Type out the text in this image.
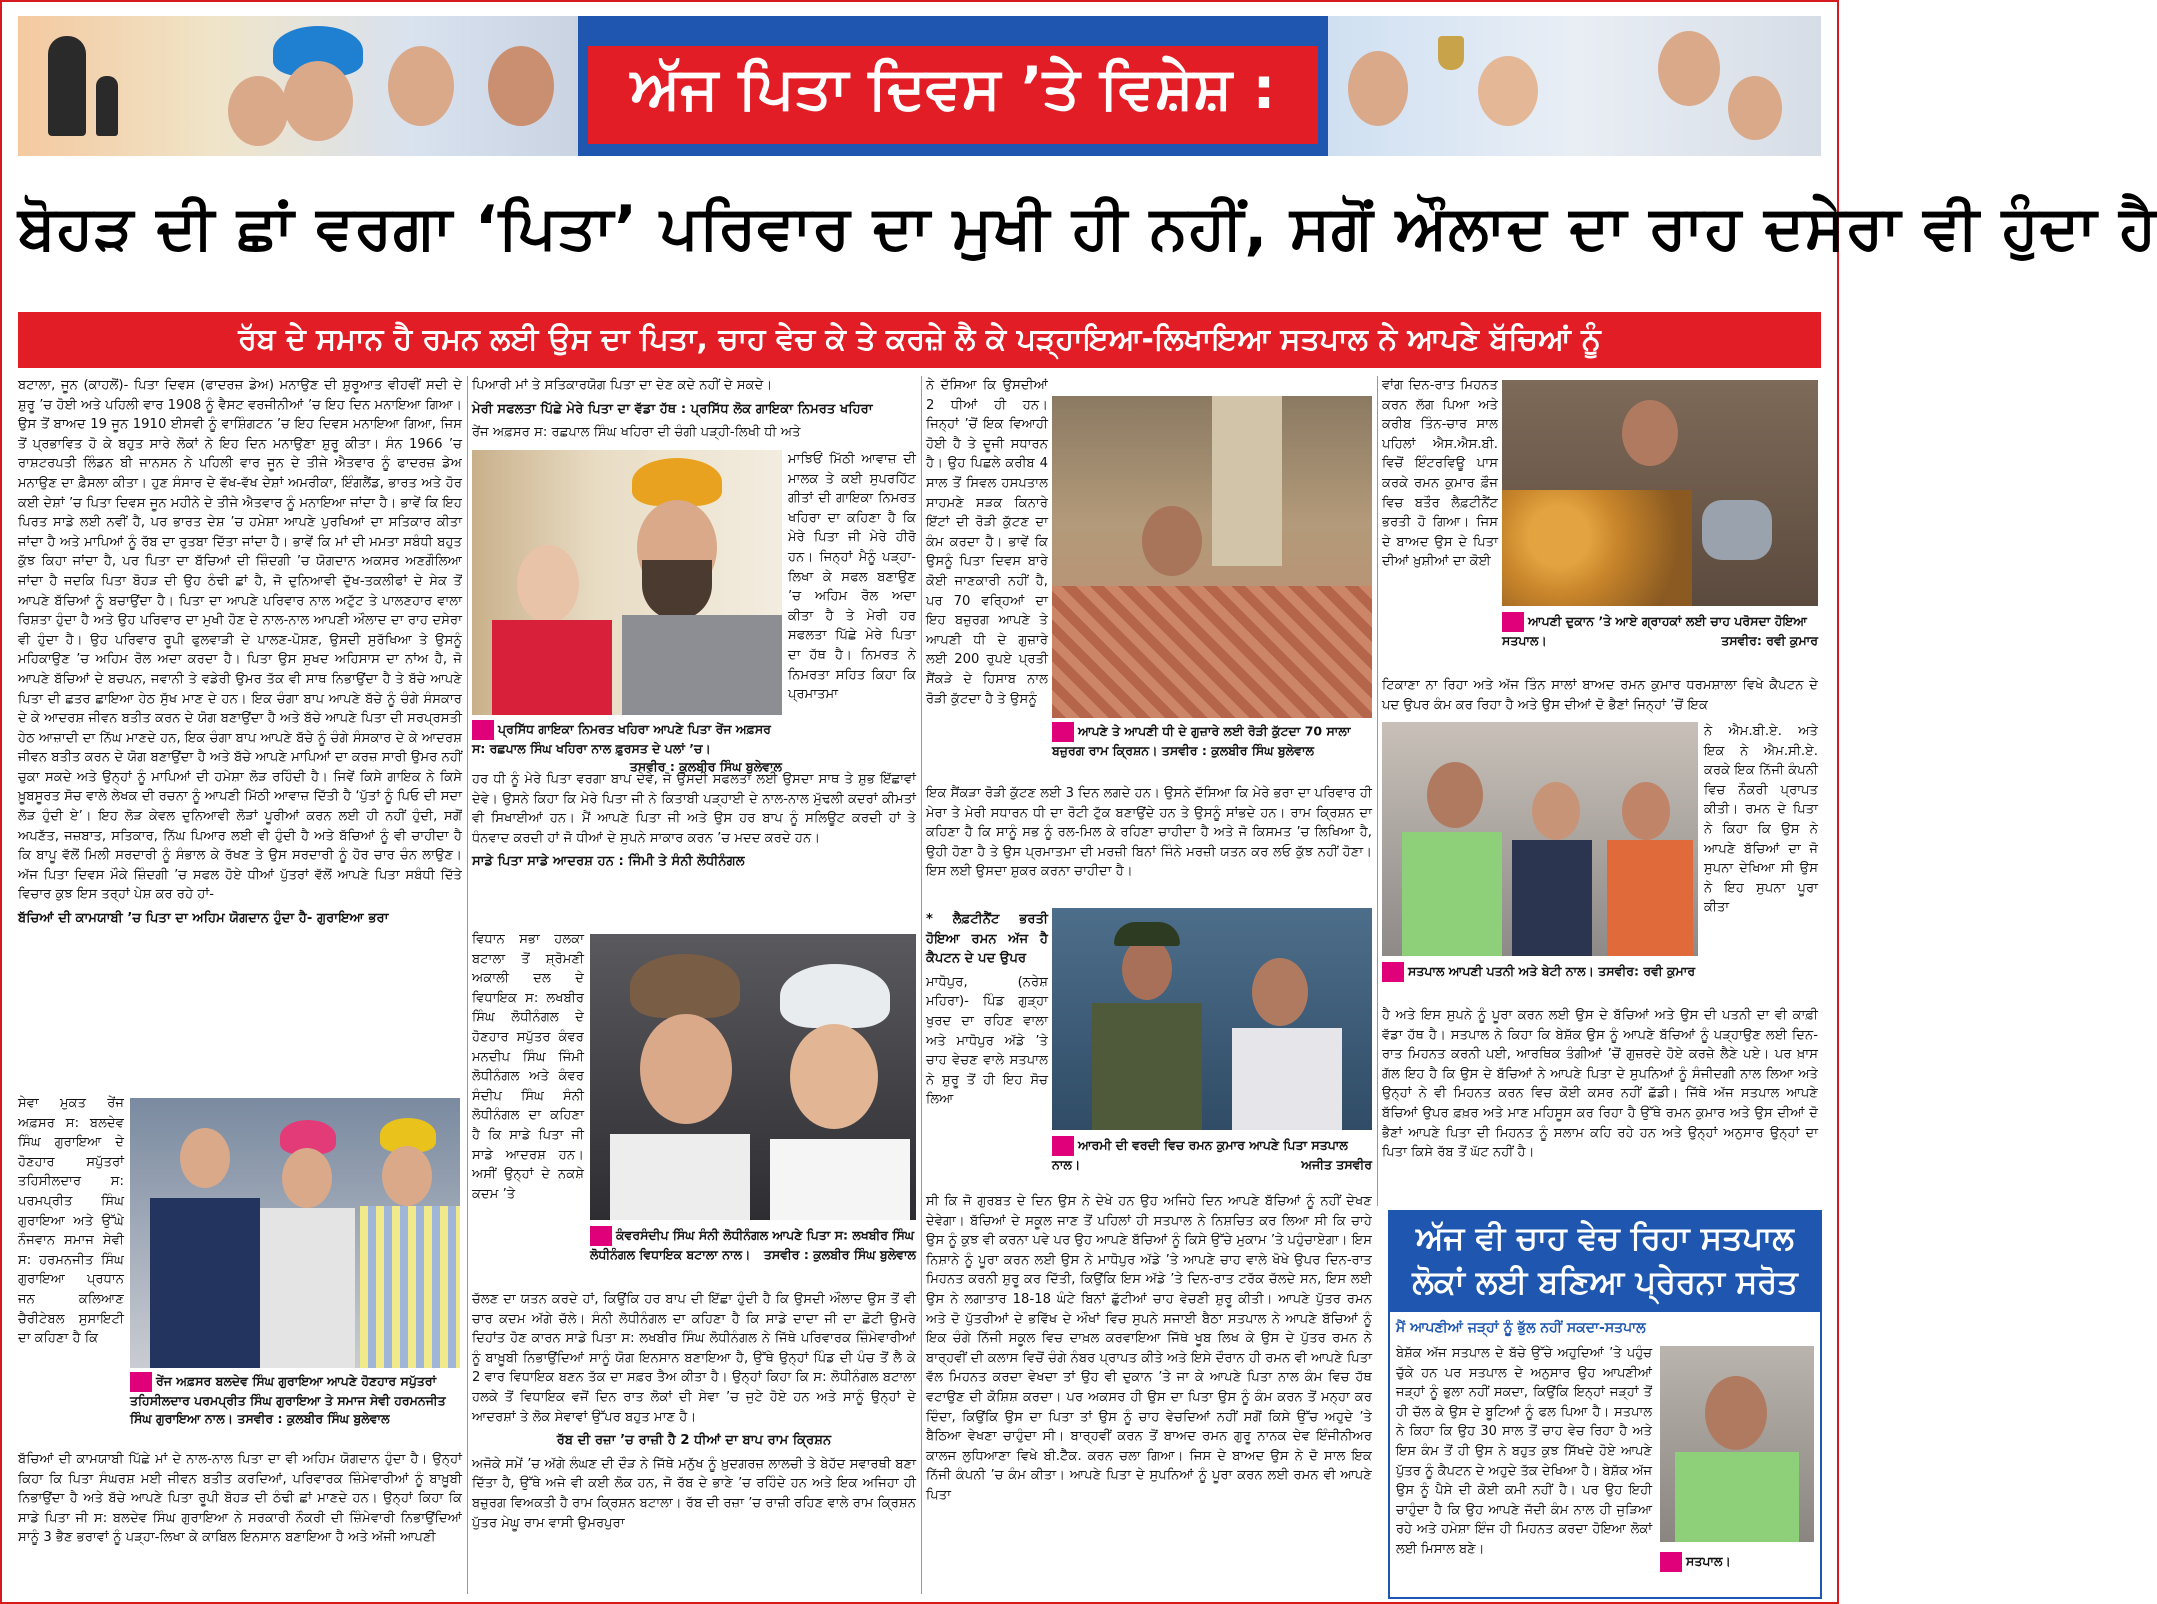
ਅੱਜ ਪਿਤਾ ਦਿਵਸ ’ਤੇ ਵਿਸ਼ੇਸ਼ :
ਬੋਹੜ ਦੀ ਛਾਂ ਵਰਗਾ ‘ਪਿਤਾ’ ਪਰਿਵਾਰ ਦਾ ਮੁਖੀ ਹੀ ਨਹੀਂ, ਸਗੋਂ ਔਲਾਦ ਦਾ ਰਾਹ ਦਸੇਰਾ ਵੀ ਹੁੰਦਾ ਹੈ
ਰੱਬ ਦੇ ਸਮਾਨ ਹੈ ਰਮਨ ਲਈ ਉਸ ਦਾ ਪਿਤਾ, ਚਾਹ ਵੇਚ ਕੇ ਤੇ ਕਰਜ਼ੇ ਲੈ ਕੇ ਪੜ੍ਹਾਇਆ-ਲਿਖਾਇਆ ਸਤਪਾਲ ਨੇ ਆਪਣੇ ਬੱਚਿਆਂ ਨੂੰ

ਬਟਾਲਾ, ਜੂਨ (ਕਾਹਲੋਂ)- ਪਿਤਾ ਦਿਵਸ (ਫਾਦਰਜ਼ ਡੇਅ) ਮਨਾਉਣ ਦੀ ਸ਼ੁਰੂਆਤ ਵੀਹਵੀਂ ਸਦੀ ਦੇ ਸ਼ੁਰੂ ’ਚ ਹੋਈ ਅਤੇ ਪਹਿਲੀ ਵਾਰ 1908 ਨੂੰ ਵੈਸਟ ਵਰਜੀਨੀਆਂ ’ਚ ਇਹ ਦਿਨ ਮਨਾਇਆ ਗਿਆ। ਉਸ ਤੋਂ ਬਾਅਦ 19 ਜੂਨ 1910 ਈਸਵੀ ਨੂੰ ਵਾਸ਼ਿੰਗਟਨ ’ਚ ਇਹ ਦਿਵਸ ਮਨਾਇਆ ਗਿਆ, ਜਿਸ ਤੋਂ ਪ੍ਰਭਾਵਿਤ ਹੋ ਕੇ ਬਹੁਤ ਸਾਰੇ ਲੋਕਾਂ ਨੇ ਇਹ ਦਿਨ ਮਨਾਉਣਾ ਸ਼ੁਰੂ ਕੀਤਾ। ਸੰਨ 1966 ’ਚ ਰਾਸ਼ਟਰਪਤੀ ਲਿੰਡਨ ਬੀ ਜਾਨਸਨ ਨੇ ਪਹਿਲੀ ਵਾਰ ਜੂਨ ਦੇ ਤੀਜੇ ਐਤਵਾਰ ਨੂੰ ਫਾਦਰਜ਼ ਡੇਅ ਮਨਾਉਣ ਦਾ ਫ਼ੈਸਲਾ ਕੀਤਾ। ਹੁਣ ਸੰਸਾਰ ਦੇ ਵੱਖ-ਵੱਖ ਦੇਸ਼ਾਂ ਅਮਰੀਕਾ, ਇੰਗਲੈਂਡ, ਭਾਰਤ ਅਤੇ ਹੋਰ ਕਈ ਦੇਸ਼ਾਂ ’ਚ ਪਿਤਾ ਦਿਵਸ ਜੂਨ ਮਹੀਨੇ ਦੇ ਤੀਜੇ ਐਤਵਾਰ ਨੂੰ ਮਨਾਇਆ ਜਾਂਦਾ ਹੈ। ਭਾਵੇਂ ਕਿ ਇਹ ਪਿਰਤ ਸਾਡੇ ਲਈ ਨਵੀਂ ਹੈ, ਪਰ ਭਾਰਤ ਦੇਸ਼ ’ਚ ਹਮੇਸ਼ਾ ਆਪਣੇ ਪੁਰਖਿਆਂ ਦਾ ਸਤਿਕਾਰ ਕੀਤਾ ਜਾਂਦਾ ਹੈ ਅਤੇ ਮਾਪਿਆਂ ਨੂੰ ਰੱਬ ਦਾ ਰੁਤਬਾ ਦਿੱਤਾ ਜਾਂਦਾ ਹੈ। ਭਾਵੇਂ ਕਿ ਮਾਂ ਦੀ ਮਮਤਾ ਸਬੰਧੀ ਬਹੁਤ ਕੁੱਝ ਕਿਹਾ ਜਾਂਦਾ ਹੈ, ਪਰ ਪਿਤਾ ਦਾ ਬੱਚਿਆਂ ਦੀ ਜ਼ਿੰਦਗੀ ’ਚ ਯੋਗਦਾਨ ਅਕਸਰ ਅਣਗੌਲਿਆ ਜਾਂਦਾ ਹੈ ਜਦਕਿ ਪਿਤਾ ਬੋਹੜ ਦੀ ਉਹ ਠੰਢੀ ਛਾਂ ਹੈ, ਜੋ ਦੁਨਿਆਵੀ ਦੁੱਖ-ਤਕਲੀਫਾਂ ਦੇ ਸੇਕ ਤੋਂ ਆਪਣੇ ਬੱਚਿਆਂ ਨੂੰ ਬਚਾਉਂਦਾ ਹੈ। ਪਿਤਾ ਦਾ ਆਪਣੇ ਪਰਿਵਾਰ ਨਾਲ ਅਟੁੱਟ ਤੇ ਪਾਲਣਹਾਰ ਵਾਲਾ ਰਿਸ਼ਤਾ ਹੁੰਦਾ ਹੈ ਅਤੇ ਉਹ ਪਰਿਵਾਰ ਦਾ ਮੁਖੀ ਹੋਣ ਦੇ ਨਾਲ-ਨਾਲ ਆਪਣੀ ਔਲਾਦ ਦਾ ਰਾਹ ਦਸੇਰਾ ਵੀ ਹੁੰਦਾ ਹੈ। ਉਹ ਪਰਿਵਾਰ ਰੂਪੀ ਫੁਲਵਾੜੀ ਦੇ ਪਾਲਣ-ਪੋਸ਼ਣ, ਉਸਦੀ ਸੁਰੱਖਿਆ ਤੇ ਉਸਨੂੰ ਮਹਿਕਾਉਣ ’ਚ ਅਹਿਮ ਰੋਲ ਅਦਾ ਕਰਦਾ ਹੈ। ਪਿਤਾ ਉਸ ਸੁਖਦ ਅਹਿਸਾਸ ਦਾ ਨਾਂਅ ਹੈ, ਜੋ ਆਪਣੇ ਬੱਚਿਆਂ ਦੇ ਬਚਪਨ, ਜਵਾਨੀ ਤੇ ਵਡੇਰੀ ਉਮਰ ਤੱਕ ਵੀ ਸਾਥ ਨਿਭਾਉਂਦਾ ਹੈ ਤੇ ਬੱਚੇ ਆਪਣੇ ਪਿਤਾ ਦੀ ਛਤਰ ਛਾਇਆ ਹੇਠ ਸੁੱਖ ਮਾਣ ਦੇ ਹਨ। ਇਕ ਚੰਗਾ ਬਾਪ ਆਪਣੇ ਬੱਚੇ ਨੂੰ ਚੰਗੇ ਸੰਸਕਾਰ ਦੇ ਕੇ ਆਦਰਸ਼ ਜੀਵਨ ਬਤੀਤ ਕਰਨ ਦੇ ਯੋਗ ਬਣਾਉਂਦਾ ਹੈ ਅਤੇ ਬੱਚੇ ਆਪਣੇ ਪਿਤਾ ਦੀ ਸਰਪ੍ਰਸਤੀ ਹੇਠ ਆਜ਼ਾਦੀ ਦਾ ਨਿੱਘ ਮਾਣਦੇ ਹਨ, ਇਕ ਚੰਗਾ ਬਾਪ ਆਪਣੇ ਬੱਚੇ ਨੂੰ ਚੰਗੇ ਸੰਸਕਾਰ ਦੇ ਕੇ ਆਦਰਸ਼ ਜੀਵਨ ਬਤੀਤ ਕਰਨ ਦੇ ਯੋਗ ਬਣਾਉਂਦਾ ਹੈ ਅਤੇ ਬੱਚੇ ਆਪਣੇ ਮਾਪਿਆਂ ਦਾ ਕਰਜ਼ ਸਾਰੀ ਉਮਰ ਨਹੀਂ ਚੁਕਾ ਸਕਦੇ ਅਤੇ ਉਨ੍ਹਾਂ ਨੂੰ ਮਾਪਿਆਂ ਦੀ ਹਮੇਸ਼ਾ ਲੋੜ ਰਹਿੰਦੀ ਹੈ। ਜਿਵੇਂ ਕਿਸੇ ਗਾਇਕ ਨੇ ਕਿਸੇ ਖ਼ੂਬਸੂਰਤ ਸੋਚ ਵਾਲੇ ਲੇਖਕ ਦੀ ਰਚਨਾ ਨੂੰ ਆਪਣੀ ਮਿੱਠੀ ਆਵਾਜ਼ ਦਿੱਤੀ ਹੈ ‘ਪੁੱਤਾਂ ਨੂੰ ਪਿਓ ਦੀ ਸਦਾ ਲੋੜ ਹੁੰਦੀ ਏ’। ਇਹ ਲੋੜ ਕੇਵਲ ਦੁਨਿਆਵੀ ਲੋੜਾਂ ਪੂਰੀਆਂ ਕਰਨ ਲਈ ਹੀ ਨਹੀਂ ਹੁੰਦੀ, ਸਗੋਂ ਅਪਣੱਤ, ਜਜ਼ਬਾਤ, ਸਤਿਕਾਰ, ਨਿੱਘ ਪਿਆਰ ਲਈ ਵੀ ਹੁੰਦੀ ਹੈ ਅਤੇ ਬੱਚਿਆਂ ਨੂੰ ਵੀ ਚਾਹੀਦਾ ਹੈ ਕਿ ਬਾਪੂ ਵੱਲੋਂ ਮਿਲੀ ਸਰਦਾਰੀ ਨੂੰ ਸੰਭਾਲ ਕੇ ਰੱਖਣ ਤੇ ਉਸ ਸਰਦਾਰੀ ਨੂੰ ਹੋਰ ਚਾਰ ਚੰਨ ਲਾਉਣ। ਅੱਜ ਪਿਤਾ ਦਿਵਸ ਮੌਕੇ ਜ਼ਿੰਦਗੀ ’ਚ ਸਫਲ ਹੋਏ ਧੀਆਂ ਪੁੱਤਰਾਂ ਵੱਲੋਂ ਆਪਣੇ ਪਿਤਾ ਸਬੰਧੀ ਦਿੱਤੇ ਵਿਚਾਰ ਕੁਝ ਇਸ ਤਰ੍ਹਾਂ ਪੇਸ਼ ਕਰ ਰਹੇ ਹਾਂ-

ਬੱਚਿਆਂ ਦੀ ਕਾਮਯਾਬੀ ’ਚ ਪਿਤਾ ਦਾ ਅਹਿਮ ਯੋਗਦਾਨ ਹੁੰਦਾ ਹੈ- ਗੁਰਾਇਆ ਭਰਾ

ਸੇਵਾ ਮੁਕਤ ਰੇਂਜ ਅਫ਼ਸਰ ਸ: ਬਲਦੇਵ ਸਿੰਘ ਗੁਰਾਇਆ ਦੇ ਹੋਣਹਾਰ ਸਪੁੱਤਰਾਂ ਤਹਿਸੀਲਦਾਰ ਸ: ਪਰਮਪ੍ਰੀਤ ਸਿੰਘ ਗੁਰਾਇਆ ਅਤੇ ਉੱਘੇ ਨੌਜਵਾਨ ਸਮਾਜ ਸੇਵੀ ਸ: ਹਰਮਨਜੀਤ ਸਿੰਘ ਗੁਰਾਇਆ ਪ੍ਰਧਾਨ ਜਨ ਕਲਿਆਣ ਚੈਰੀਟੇਬਲ ਸੁਸਾਇਟੀ ਦਾ ਕਹਿਣਾ ਹੈ ਕਿ

ਰੇਂਜ ਅਫ਼ਸਰ ਬਲਦੇਵ ਸਿੰਘ ਗੁਰਾਇਆ ਆਪਣੇ ਹੋਣਹਾਰ ਸਪੁੱਤਰਾਂ ਤਹਿਸੀਲਦਾਰ ਪਰਮਪ੍ਰੀਤ ਸਿੰਘ ਗੁਰਾਇਆ ਤੇ ਸਮਾਜ ਸੇਵੀ ਹਰਮਨਜੀਤ ਸਿੰਘ ਗੁਰਾਇਆ ਨਾਲ। ਤਸਵੀਰ : ਕੁਲਬੀਰ ਸਿੰਘ ਬੁਲੇਵਾਲ

ਬੱਚਿਆਂ ਦੀ ਕਾਮਯਾਬੀ ਪਿੱਛੇ ਮਾਂ ਦੇ ਨਾਲ-ਨਾਲ ਪਿਤਾ ਦਾ ਵੀ ਅਹਿਮ ਯੋਗਦਾਨ ਹੁੰਦਾ ਹੈ। ਉਨ੍ਹਾਂ ਕਿਹਾ ਕਿ ਪਿਤਾ ਸੰਘਰਸ਼ ਮਈ ਜੀਵਨ ਬਤੀਤ ਕਰਦਿਆਂ, ਪਰਿਵਾਰਕ ਜ਼ਿੰਮੇਵਾਰੀਆਂ ਨੂੰ ਬਾਖ਼ੂਬੀ ਨਿਭਾਉਂਦਾ ਹੈ ਅਤੇ ਬੱਚੇ ਆਪਣੇ ਪਿਤਾ ਰੂਪੀ ਬੋਹੜ ਦੀ ਠੰਢੀ ਛਾਂ ਮਾਣਦੇ ਹਨ। ਉਨ੍ਹਾਂ ਕਿਹਾ ਕਿ ਸਾਡੇ ਪਿਤਾ ਜੀ ਸ: ਬਲਦੇਵ ਸਿੰਘ ਗੁਰਾਇਆ ਨੇ ਸਰਕਾਰੀ ਨੌਕਰੀ ਦੀ ਜ਼ਿੰਮੇਵਾਰੀ ਨਿਭਾਉਂਦਿਆਂ ਸਾਨੂੰ 3 ਭੈਣ ਭਰਾਵਾਂ ਨੂੰ ਪੜ੍ਹਾ-ਲਿਖਾ ਕੇ ਕਾਬਿਲ ਇਨਸਾਨ ਬਣਾਇਆ ਹੈ ਅਤੇ ਅੱਜੀ ਆਪਣੀ

ਪਿਆਰੀ ਮਾਂ ਤੇ ਸਤਿਕਾਰਯੋਗ ਪਿਤਾ ਦਾ ਦੇਣ ਕਦੇ ਨਹੀਂ ਦੇ ਸਕਦੇ।

ਮੇਰੀ ਸਫਲਤਾ ਪਿੱਛੇ ਮੇਰੇ ਪਿਤਾ ਦਾ ਵੱਡਾ ਹੱਥ : ਪ੍ਰਸਿੱਧ ਲੋਕ ਗਾਇਕਾ ਨਿਮਰਤ ਖਹਿਰਾ

ਰੇਂਜ ਅਫ਼ਸਰ ਸ: ਰਛਪਾਲ ਸਿੰਘ ਖਹਿਰਾ ਦੀ ਚੰਗੀ ਪੜ੍ਹੀ-ਲਿਖੀ ਧੀ ਅਤੇ

ਮਾਝਿਓਂ ਮਿੱਠੀ ਆਵਾਜ਼ ਦੀ ਮਾਲਕ ਤੇ ਕਈ ਸੁਪਰਹਿੱਟ ਗੀਤਾਂ ਦੀ ਗਾਇਕਾ ਨਿਮਰਤ ਖਹਿਰਾ ਦਾ ਕਹਿਣਾ ਹੈ ਕਿ ਮੇਰੇ ਪਿਤਾ ਜੀ ਮੇਰੇ ਹੀਰੋ ਹਨ। ਜਿਨ੍ਹਾਂ ਮੈਨੂੰ ਪੜ੍ਹਾ-ਲਿਖਾ ਕੇ ਸਫਲ ਬਣਾਉਣ ’ਚ ਅਹਿਮ ਰੋਲ ਅਦਾ ਕੀਤਾ ਹੈ ਤੇ ਮੇਰੀ ਹਰ ਸਫਲਤਾ ਪਿੱਛੇ ਮੇਰੇ ਪਿਤਾ ਦਾ ਹੱਥ ਹੈ। ਨਿਮਰਤ ਨੇ ਨਿਮਰਤਾ ਸਹਿਤ ਕਿਹਾ ਕਿ ਪ੍ਰਮਾਤਮਾ

ਪ੍ਰਸਿੱਧ ਗਾਇਕਾ ਨਿਮਰਤ ਖਹਿਰਾ ਆਪਣੇ ਪਿਤਾ ਰੇਂਜ ਅਫ਼ਸਰ ਸ: ਰਛਪਾਲ ਸਿੰਘ ਖਹਿਰਾ ਨਾਲ ਫ਼ੁਰਸਤ ਦੇ ਪਲਾਂ ’ਚ।
ਤਸਵੀਰ : ਕੁਲਬੀਰ ਸਿੰਘ ਬੁਲੇਵਾਲ

ਹਰ ਧੀ ਨੂੰ ਮੇਰੇ ਪਿਤਾ ਵਰਗਾ ਬਾਪ ਦੇਵੇ, ਜੋ ਉਸਦੀ ਸਫਲਤਾ ਲਈ ਉਸਦਾ ਸਾਥ ਤੇ ਸ਼ੁਭ ਇੱਛਾਵਾਂ ਦੇਵੇ। ਉਸਨੇ ਕਿਹਾ ਕਿ ਮੇਰੇ ਪਿਤਾ ਜੀ ਨੇ ਕਿਤਾਬੀ ਪੜ੍ਹਾਈ ਦੇ ਨਾਲ-ਨਾਲ ਮੁੱਢਲੀ ਕਦਰਾਂ ਕੀਮਤਾਂ ਵੀ ਸਿਖਾਈਆਂ ਹਨ। ਮੈਂ ਆਪਣੇ ਪਿਤਾ ਜੀ ਅਤੇ ਉਸ ਹਰ ਬਾਪ ਨੂੰ ਸਲਿਊਟ ਕਰਦੀ ਹਾਂ ਤੇ ਧੰਨਵਾਦ ਕਰਦੀ ਹਾਂ ਜੋ ਧੀਆਂ ਦੇ ਸੁਪਨੇ ਸਾਕਾਰ ਕਰਨ ’ਚ ਮਦਦ ਕਰਦੇ ਹਨ।

ਸਾਡੇ ਪਿਤਾ ਸਾਡੇ ਆਦਰਸ਼ ਹਨ : ਜਿੰਮੀ ਤੇ ਸੰਨੀ ਲੋਧੀਨੰਗਲ

ਵਿਧਾਨ ਸਭਾ ਹਲਕਾ ਬਟਾਲਾ ਤੋਂ ਸ਼੍ਰੋਮਣੀ ਅਕਾਲੀ ਦਲ ਦੇ ਵਿਧਾਇਕ ਸ: ਲਖਬੀਰ ਸਿੰਘ ਲੋਧੀਨੰਗਲ ਦੇ ਹੋਣਹਾਰ ਸਪੁੱਤਰ ਕੰਵਰ ਮਨਦੀਪ ਸਿੰਘ ਜਿੰਮੀ ਲੋਧੀਨੰਗਲ ਅਤੇ ਕੰਵਰ ਸੰਦੀਪ ਸਿੰਘ ਸੰਨੀ ਲੋਧੀਨੰਗਲ ਦਾ ਕਹਿਣਾ ਹੈ ਕਿ ਸਾਡੇ ਪਿਤਾ ਜੀ ਸਾਡੇ ਆਦਰਸ਼ ਹਨ। ਅਸੀਂ ਉਨ੍ਹਾਂ ਦੇ ਨਕਸ਼ੇ ਕਦਮ ’ਤੇ

ਕੰਵਰਸੰਦੀਪ ਸਿੰਘ ਸੰਨੀ ਲੋਧੀਨੰਗਲ ਆਪਣੇ ਪਿਤਾ ਸ: ਲਖਬੀਰ ਸਿੰਘ ਲੋਧੀਨੰਗਲ ਵਿਧਾਇਕ ਬਟਾਲਾ ਨਾਲ। ਤਸਵੀਰ : ਕੁਲਬੀਰ ਸਿੰਘ ਬੁਲੇਵਾਲ

ਚੱਲਣ ਦਾ ਯਤਨ ਕਰਦੇ ਹਾਂ, ਕਿਉਂਕਿ ਹਰ ਬਾਪ ਦੀ ਇੱਛਾ ਹੁੰਦੀ ਹੈ ਕਿ ਉਸਦੀ ਔਲਾਦ ਉਸ ਤੋਂ ਵੀ ਚਾਰ ਕਦਮ ਅੱਗੇ ਚੱਲੇ। ਸੰਨੀ ਲੋਧੀਨੰਗਲ ਦਾ ਕਹਿਣਾ ਹੈ ਕਿ ਸਾਡੇ ਦਾਦਾ ਜੀ ਦਾ ਛੋਟੀ ਉਮਰੇ ਦਿਹਾਂਤ ਹੋਣ ਕਾਰਨ ਸਾਡੇ ਪਿਤਾ ਸ: ਲਖਬੀਰ ਸਿੰਘ ਲੋਧੀਨੰਗਲ ਨੇ ਜਿੱਥੇ ਪਰਿਵਾਰਕ ਜ਼ਿੰਮੇਵਾਰੀਆਂ ਨੂੰ ਬਾਖ਼ੂਬੀ ਨਿਭਾਉਂਦਿਆਂ ਸਾਨੂੰ ਯੋਗ ਇਨਸਾਨ ਬਣਾਇਆ ਹੈ, ਉੱਥੇ ਉਨ੍ਹਾਂ ਪਿੰਡ ਦੀ ਪੰਚ ਤੋਂ ਲੈ ਕੇ 2 ਵਾਰ ਵਿਧਾਇਕ ਬਣਨ ਤੱਕ ਦਾ ਸਫ਼ਰ ਤੈਅ ਕੀਤਾ ਹੈ। ਉਨ੍ਹਾਂ ਕਿਹਾ ਕਿ ਸ: ਲੋਧੀਨੰਗਲ ਬਟਾਲਾ ਹਲਕੇ ਤੋਂ ਵਿਧਾਇਕ ਵਜੋਂ ਦਿਨ ਰਾਤ ਲੋਕਾਂ ਦੀ ਸੇਵਾ ’ਚ ਜੁਟੇ ਹੋਏ ਹਨ ਅਤੇ ਸਾਨੂੰ ਉਨ੍ਹਾਂ ਦੇ ਆਦਰਸ਼ਾਂ ਤੇ ਲੋਕ ਸੇਵਾਵਾਂ ਉੱਪਰ ਬਹੁਤ ਮਾਣ ਹੈ।

ਰੱਬ ਦੀ ਰਜ਼ਾ ’ਚ ਰਾਜ਼ੀ ਹੈ 2 ਧੀਆਂ ਦਾ ਬਾਪ ਰਾਮ ਕ੍ਰਿਸ਼ਨ

ਅਜੋਕੇ ਸਮੇਂ ’ਚ ਅੱਗੇ ਲੰਘਣ ਦੀ ਦੌੜ ਨੇ ਜਿੱਥੇ ਮਨੁੱਖ ਨੂੰ ਖ਼ੁਦਗਰਜ਼ ਲਾਲਚੀ ਤੇ ਬੇਹੱਦ ਸਵਾਰਥੀ ਬਣਾ ਦਿੱਤਾ ਹੈ, ਉੱਥੇ ਅਜੇ ਵੀ ਕਈ ਲੋਕ ਹਨ, ਜੋ ਰੱਬ ਦੇ ਭਾਣੇ ’ਚ ਰਹਿੰਦੇ ਹਨ ਅਤੇ ਇਕ ਅਜਿਹਾ ਹੀ ਬਜ਼ੁਰਗ ਵਿਅਕਤੀ ਹੈ ਰਾਮ ਕ੍ਰਿਸ਼ਨ ਬਟਾਲਾ। ਰੱਬ ਦੀ ਰਜ਼ਾ ’ਚ ਰਾਜ਼ੀ ਰਹਿਣ ਵਾਲੇ ਰਾਮ ਕ੍ਰਿਸ਼ਨ ਪੁੱਤਰ ਮੇਘੂ ਰਾਮ ਵਾਸੀ ਉਮਰਪੁਰਾ

ਨੇ ਦੱਸਿਆ ਕਿ ਉਸਦੀਆਂ 2 ਧੀਆਂ ਹੀ ਹਨ। ਜਿਨ੍ਹਾਂ ’ਚੋਂ ਇਕ ਵਿਆਹੀ ਹੋਈ ਹੈ ਤੇ ਦੂਜੀ ਸਧਾਰਨ ਹੈ। ਉਹ ਪਿਛਲੇ ਕਰੀਬ 4 ਸਾਲ ਤੋਂ ਸਿਵਲ ਹਸਪਤਾਲ ਸਾਹਮਣੇ ਸੜਕ ਕਿਨਾਰੇ ਇੱਟਾਂ ਦੀ ਰੋੜੀ ਕੁੱਟਣ ਦਾ ਕੰਮ ਕਰਦਾ ਹੈ। ਭਾਵੇਂ ਕਿ ਉਸਨੂੰ ਪਿਤਾ ਦਿਵਸ ਬਾਰੇ ਕੋਈ ਜਾਣਕਾਰੀ ਨਹੀਂ ਹੈ, ਪਰ 70 ਵਰਿ੍ਹਆਂ ਦਾ ਇਹ ਬਜ਼ੁਰਗ ਆਪਣੇ ਤੇ ਆਪਣੀ ਧੀ ਦੇ ਗੁਜ਼ਾਰੇ ਲਈ 200 ਰੁਪਏ ਪ੍ਰਤੀ ਸੈਂਕੜੇ ਦੇ ਹਿਸਾਬ ਨਾਲ ਰੋੜੀ ਕੁੱਟਦਾ ਹੈ ਤੇ ਉਸਨੂੰ

ਆਪਣੇ ਤੇ ਆਪਣੀ ਧੀ ਦੇ ਗੁਜ਼ਾਰੇ ਲਈ ਰੋੜੀ ਕੁੱਟਦਾ 70 ਸਾਲਾ ਬਜ਼ੁਰਗ ਰਾਮ ਕ੍ਰਿਸ਼ਨ। ਤਸਵੀਰ : ਕੁਲਬੀਰ ਸਿੰਘ ਬੁਲੇਵਾਲ

ਇਕ ਸੈਂਕੜਾ ਰੋੜੀ ਕੁੱਟਣ ਲਈ 3 ਦਿਨ ਲਗਦੇ ਹਨ। ਉਸਨੇ ਦੱਸਿਆ ਕਿ ਮੇਰੇ ਭਰਾ ਦਾ ਪਰਿਵਾਰ ਹੀ ਮੇਰਾ ਤੇ ਮੇਰੀ ਸਧਾਰਨ ਧੀ ਦਾ ਰੋਟੀ ਟੁੱਕ ਬਣਾਉਂਦੇ ਹਨ ਤੇ ਉਸਨੂੰ ਸਾਂਭਦੇ ਹਨ। ਰਾਮ ਕ੍ਰਿਸ਼ਨ ਦਾ ਕਹਿਣਾ ਹੈ ਕਿ ਸਾਨੂੰ ਸਭ ਨੂੰ ਰਲ-ਮਿਲ ਕੇ ਰਹਿਣਾ ਚਾਹੀਦਾ ਹੈ ਅਤੇ ਜੋ ਕਿਸਮਤ ’ਚ ਲਿਖਿਆ ਹੈ, ਉਹੀ ਹੋਣਾ ਹੈ ਤੇ ਉਸ ਪ੍ਰਮਾਤਮਾ ਦੀ ਮਰਜ਼ੀ ਬਿਨਾਂ ਜਿੰਨੇ ਮਰਜ਼ੀ ਯਤਨ ਕਰ ਲਓ ਕੁੱਝ ਨਹੀਂ ਹੋਣਾ। ਇਸ ਲਈ ਉਸਦਾ ਸ਼ੁਕਰ ਕਰਨਾ ਚਾਹੀਦਾ ਹੈ।

* ਲੈਫ਼ਟੀਨੈਂਟ ਭਰਤੀ ਹੋਇਆ ਰਮਨ ਅੱਜ ਹੈ ਕੈਪਟਨ ਦੇ ਪਦ ਉਪਰ

ਮਾਧੋਪੁਰ, (ਨਰੇਸ਼ ਮਹਿਰਾ)- ਪਿੰਡ ਗੁੜ੍ਹਾ ਖੁਰਦ ਦਾ ਰਹਿਣ ਵਾਲਾ ਅਤੇ ਮਾਧੋਪੁਰ ਅੱਡੇ ’ਤੇ ਚਾਹ ਵੇਚਣ ਵਾਲੇ ਸਤਪਾਲ ਨੇ ਸ਼ੁਰੂ ਤੋਂ ਹੀ ਇਹ ਸੋਚ ਲਿਆ

ਆਰਮੀ ਦੀ ਵਰਦੀ ਵਿਚ ਰਮਨ ਕੁਮਾਰ ਆਪਣੇ ਪਿਤਾ ਸਤਪਾਲ ਨਾਲ।	ਅਜੀਤ ਤਸਵੀਰ

ਸੀ ਕਿ ਜੋ ਗੁਰਬਤ ਦੇ ਦਿਨ ਉਸ ਨੇ ਦੇਖੇ ਹਨ ਉਹ ਅਜਿਹੇ ਦਿਨ ਆਪਣੇ ਬੱਚਿਆਂ ਨੂੰ ਨਹੀਂ ਦੇਖਣ ਦੇਵੇਗਾ। ਬੱਚਿਆਂ ਦੇ ਸਕੂਲ ਜਾਣ ਤੋਂ ਪਹਿਲਾਂ ਹੀ ਸਤਪਾਲ ਨੇ ਨਿਸ਼ਚਿਤ ਕਰ ਲਿਆ ਸੀ ਕਿ ਚਾਹੇ ਉਸ ਨੂੰ ਕੁਝ ਵੀ ਕਰਨਾ ਪਵੇ ਪਰ ਉਹ ਆਪਣੇ ਬੱਚਿਆਂ ਨੂੰ ਕਿਸੇ ਉੱਚੇ ਮੁਕਾਮ ’ਤੇ ਪਹੁੰਚਾਏਗਾ। ਇਸ ਨਿਸ਼ਾਨੇ ਨੂੰ ਪੂਰਾ ਕਰਨ ਲਈ ਉਸ ਨੇ ਮਾਧੋਪੁਰ ਅੱਡੇ ’ਤੇ ਆਪਣੇ ਚਾਹ ਵਾਲੇ ਖੋਖੇ ਉਪਰ ਦਿਨ-ਰਾਤ ਮਿਹਨਤ ਕਰਨੀ ਸ਼ੁਰੂ ਕਰ ਦਿੱਤੀ, ਕਿਉਂਕਿ ਇਸ ਅੱਡੇ ’ਤੇ ਦਿਨ-ਰਾਤ ਟਰੱਕ ਚੱਲਦੇ ਸਨ, ਇਸ ਲਈ ਉਸ ਨੇ ਲਗਾਤਾਰ 18-18 ਘੰਟੇ ਬਿਨਾਂ ਛੁੱਟੀਆਂ ਚਾਹ ਵੇਚਣੀ ਸ਼ੁਰੂ ਕੀਤੀ। ਆਪਣੇ ਪੁੱਤਰ ਰਮਨ ਅਤੇ ਦੋ ਪੁੱਤਰੀਆਂ ਦੇ ਭਵਿੱਖ ਦੇ ਔਖਾਂ ਵਿਚ ਸੁਪਨੇ ਸਜਾਈ ਬੈਠਾ ਸਤਪਾਲ ਨੇ ਆਪਣੇ ਬੱਚਿਆਂ ਨੂੰ ਇਕ ਚੰਗੇ ਨਿੱਜੀ ਸਕੂਲ ਵਿਚ ਦਾਖ਼ਲ ਕਰਵਾਇਆ ਜਿੱਥੇ ਖੂਬ ਲਿਖ ਕੇ ਉਸ ਦੇ ਪੁੱਤਰ ਰਮਨ ਨੇ ਬਾਰ੍ਹਵੀਂ ਦੀ ਕਲਾਸ ਵਿਚੋਂ ਚੰਗੇ ਨੰਬਰ ਪ੍ਰਾਪਤ ਕੀਤੇ ਅਤੇ ਇਸੇ ਦੌਰਾਨ ਹੀ ਰਮਨ ਵੀ ਆਪਣੇ ਪਿਤਾ ਵੱਲ ਮਿਹਨਤ ਕਰਦਾ ਵੇਖਦਾ ਤਾਂ ਉਹ ਵੀ ਦੁਕਾਨ ’ਤੇ ਜਾ ਕੇ ਆਪਣੇ ਪਿਤਾ ਨਾਲ ਕੰਮ ਵਿਚ ਹੱਥ ਵਟਾਉਣ ਦੀ ਕੋਸ਼ਿਸ਼ ਕਰਦਾ। ਪਰ ਅਕਸਰ ਹੀ ਉਸ ਦਾ ਪਿਤਾ ਉਸ ਨੂੰ ਕੰਮ ਕਰਨ ਤੋਂ ਮਨ੍ਹਾ ਕਰ ਦਿੰਦਾ, ਕਿਉਂਕਿ ਉਸ ਦਾ ਪਿਤਾ ਤਾਂ ਉਸ ਨੂੰ ਚਾਹ ਵੇਚਦਿਆਂ ਨਹੀਂ ਸਗੋਂ ਕਿਸੇ ਉੱਚ ਅਹੁਦੇ ’ਤੇ ਬੈਠਿਆ ਵੇਖਣਾ ਚਾਹੁੰਦਾ ਸੀ। ਬਾਰ੍ਹਵੀਂ ਕਰਨ ਤੋਂ ਬਾਅਦ ਰਮਨ ਗੁਰੂ ਨਾਨਕ ਦੇਵ ਇੰਜੀਨੀਅਰ ਕਾਲਜ ਲੁਧਿਆਣਾ ਵਿਖੇ ਬੀ.ਟੈੱਕ. ਕਰਨ ਚਲਾ ਗਿਆ। ਜਿਸ ਦੇ ਬਾਅਦ ਉਸ ਨੇ ਦੋ ਸਾਲ ਇਕ ਨਿੱਜੀ ਕੰਪਨੀ ’ਚ ਕੰਮ ਕੀਤਾ। ਆਪਣੇ ਪਿਤਾ ਦੇ ਸੁਪਨਿਆਂ ਨੂੰ ਪੂਰਾ ਕਰਨ ਲਈ ਰਮਨ ਵੀ ਆਪਣੇ ਪਿਤਾ

ਵਾਂਗ ਦਿਨ-ਰਾਤ ਮਿਹਨਤ ਕਰਨ ਲੱਗ ਪਿਆ ਅਤੇ ਕਰੀਬ ਤਿੰਨ-ਚਾਰ ਸਾਲ ਪਹਿਲਾਂ ਐਸ.ਐਸ.ਬੀ. ਵਿਚੋਂ ਇੰਟਰਵਿਊ ਪਾਸ ਕਰਕੇ ਰਮਨ ਕੁਮਾਰ ਫ਼ੌਜ ਵਿਚ ਬਤੌਰ ਲੈਫ਼ਟੀਨੈਂਟ ਭਰਤੀ ਹੋ ਗਿਆ। ਜਿਸ ਦੇ ਬਾਅਦ ਉਸ ਦੇ ਪਿਤਾ ਦੀਆਂ ਖ਼ੁਸ਼ੀਆਂ ਦਾ ਕੋਈ

ਆਪਣੀ ਦੁਕਾਨ ’ਤੇ ਆਏ ਗ੍ਰਾਹਕਾਂ ਲਈ ਚਾਹ ਪਰੋਸਦਾ ਹੋਇਆ ਸਤਪਾਲ।	ਤਸਵੀਰ: ਰਵੀ ਕੁਮਾਰ

ਟਿਕਾਣਾ ਨਾ ਰਿਹਾ ਅਤੇ ਅੱਜ ਤਿੰਨ ਸਾਲਾਂ ਬਾਅਦ ਰਮਨ ਕੁਮਾਰ ਧਰਮਸ਼ਾਲਾ ਵਿਖੇ ਕੈਪਟਨ ਦੇ ਪਦ ਉਪਰ ਕੰਮ ਕਰ ਰਿਹਾ ਹੈ ਅਤੇ ਉਸ ਦੀਆਂ ਦੋ ਭੈਣਾਂ ਜਿਨ੍ਹਾਂ ’ਚੋਂ ਇਕ

ਨੇ ਐਮ.ਬੀ.ਏ. ਅਤੇ ਇਕ ਨੇ ਐਮ.ਸੀ.ਏ. ਕਰਕੇ ਇਕ ਨਿੱਜੀ ਕੰਪਨੀ ਵਿਚ ਨੌਕਰੀ ਪ੍ਰਾਪਤ ਕੀਤੀ। ਰਮਨ ਦੇ ਪਿਤਾ ਨੇ ਕਿਹਾ ਕਿ ਉਸ ਨੇ ਆਪਣੇ ਬੱਚਿਆਂ ਦਾ ਜੋ ਸੁਪਨਾ ਦੇਖਿਆ ਸੀ ਉਸ ਨੇ ਇਹ ਸੁਪਨਾ ਪੂਰਾ ਕੀਤਾ

ਸਤਪਾਲ ਆਪਣੀ ਪਤਨੀ ਅਤੇ ਬੇਟੀ ਨਾਲ। ਤਸਵੀਰ: ਰਵੀ ਕੁਮਾਰ

ਹੈ ਅਤੇ ਇਸ ਸੁਪਨੇ ਨੂੰ ਪੂਰਾ ਕਰਨ ਲਈ ਉਸ ਦੇ ਬੱਚਿਆਂ ਅਤੇ ਉਸ ਦੀ ਪਤਨੀ ਦਾ ਵੀ ਕਾਫ਼ੀ ਵੱਡਾ ਹੱਥ ਹੈ। ਸਤਪਾਲ ਨੇ ਕਿਹਾ ਕਿ ਬੇਸ਼ੱਕ ਉਸ ਨੂੰ ਆਪਣੇ ਬੱਚਿਆਂ ਨੂੰ ਪੜ੍ਹਾਉਣ ਲਈ ਦਿਨ-ਰਾਤ ਮਿਹਨਤ ਕਰਨੀ ਪਈ, ਆਰਥਿਕ ਤੰਗੀਆਂ ’ਚੋਂ ਗੁਜ਼ਰਦੇ ਹੋਏ ਕਰਜ਼ੇ ਲੈਣੇ ਪਏ। ਪਰ ਖ਼ਾਸ ਗੱਲ ਇਹ ਹੈ ਕਿ ਉਸ ਦੇ ਬੱਚਿਆਂ ਨੇ ਆਪਣੇ ਪਿਤਾ ਦੇ ਸੁਪਨਿਆਂ ਨੂੰ ਸੰਜੀਦਗੀ ਨਾਲ ਲਿਆ ਅਤੇ ਉਨ੍ਹਾਂ ਨੇ ਵੀ ਮਿਹਨਤ ਕਰਨ ਵਿਚ ਕੋਈ ਕਸਰ ਨਹੀਂ ਛੱਡੀ। ਜਿੱਥੇ ਅੱਜ ਸਤਪਾਲ ਆਪਣੇ ਬੱਚਿਆਂ ਉਪਰ ਫ਼ਖ਼ਰ ਅਤੇ ਮਾਣ ਮਹਿਸੂਸ ਕਰ ਰਿਹਾ ਹੈ ਉੱਥੇ ਰਮਨ ਕੁਮਾਰ ਅਤੇ ਉਸ ਦੀਆਂ ਦੋ ਭੈਣਾਂ ਆਪਣੇ ਪਿਤਾ ਦੀ ਮਿਹਨਤ ਨੂੰ ਸਲਾਮ ਕਹਿ ਰਹੇ ਹਨ ਅਤੇ ਉਨ੍ਹਾਂ ਅਨੁਸਾਰ ਉਨ੍ਹਾਂ ਦਾ ਪਿਤਾ ਕਿਸੇ ਰੱਬ ਤੋਂ ਘੱਟ ਨਹੀਂ ਹੈ।

ਅੱਜ ਵੀ ਚਾਹ ਵੇਚ ਰਿਹਾ ਸਤਪਾਲ
ਲੋਕਾਂ ਲਈ ਬਣਿਆ ਪ੍ਰੇਰਨਾ ਸਰੋਤ
ਮੈਂ ਆਪਣੀਆਂ ਜੜ੍ਹਾਂ ਨੂੰ ਭੁੱਲ ਨਹੀਂ ਸਕਦਾ-ਸਤਪਾਲ
ਬੇਸ਼ੱਕ ਅੱਜ ਸਤਪਾਲ ਦੇ ਬੱਚੇ ਉੱਚੇ ਅਹੁਦਿਆਂ ’ਤੇ ਪਹੁੰਚ ਚੁੱਕੇ ਹਨ ਪਰ ਸਤਪਾਲ ਦੇ ਅਨੁਸਾਰ ਉਹ ਆਪਣੀਆਂ ਜੜ੍ਹਾਂ ਨੂੰ ਭੁਲਾ ਨਹੀਂ ਸਕਦਾ, ਕਿਉਂਕਿ ਇਨ੍ਹਾਂ ਜੜ੍ਹਾਂ ਤੋਂ ਹੀ ਚੱਲ ਕੇ ਉਸ ਦੇ ਬੂਟਿਆਂ ਨੂੰ ਫਲ ਪਿਆ ਹੈ। ਸਤਪਾਲ ਨੇ ਕਿਹਾ ਕਿ ਉਹ 30 ਸਾਲ ਤੋਂ ਚਾਹ ਵੇਚ ਰਿਹਾ ਹੈ ਅਤੇ ਇਸ ਕੰਮ ਤੋਂ ਹੀ ਉਸ ਨੇ ਬਹੁਤ ਕੁਝ ਸਿੱਖਦੇ ਹੋਏ ਆਪਣੇ ਪੁੱਤਰ ਨੂੰ ਕੈਪਟਨ ਦੇ ਅਹੁਦੇ ਤੱਕ ਦੇਖਿਆ ਹੈ। ਬੇਸ਼ੱਕ ਅੱਜ ਉਸ ਨੂੰ ਪੈਸੇ ਦੀ ਕੋਈ ਕਮੀ ਨਹੀਂ ਹੈ। ਪਰ ਉਹ ਇਹੀ ਚਾਹੁੰਦਾ ਹੈ ਕਿ ਉਹ ਆਪਣੇ ਜੱਦੀ ਕੰਮ ਨਾਲ ਹੀ ਜੁੜਿਆ ਰਹੇ ਅਤੇ ਹਮੇਸ਼ਾ ਇੰਜ ਹੀ ਮਿਹਨਤ ਕਰਦਾ ਹੋਇਆ ਲੋਕਾਂ ਲਈ ਮਿਸਾਲ ਬਣੇ।
ਸਤਪਾਲ।
